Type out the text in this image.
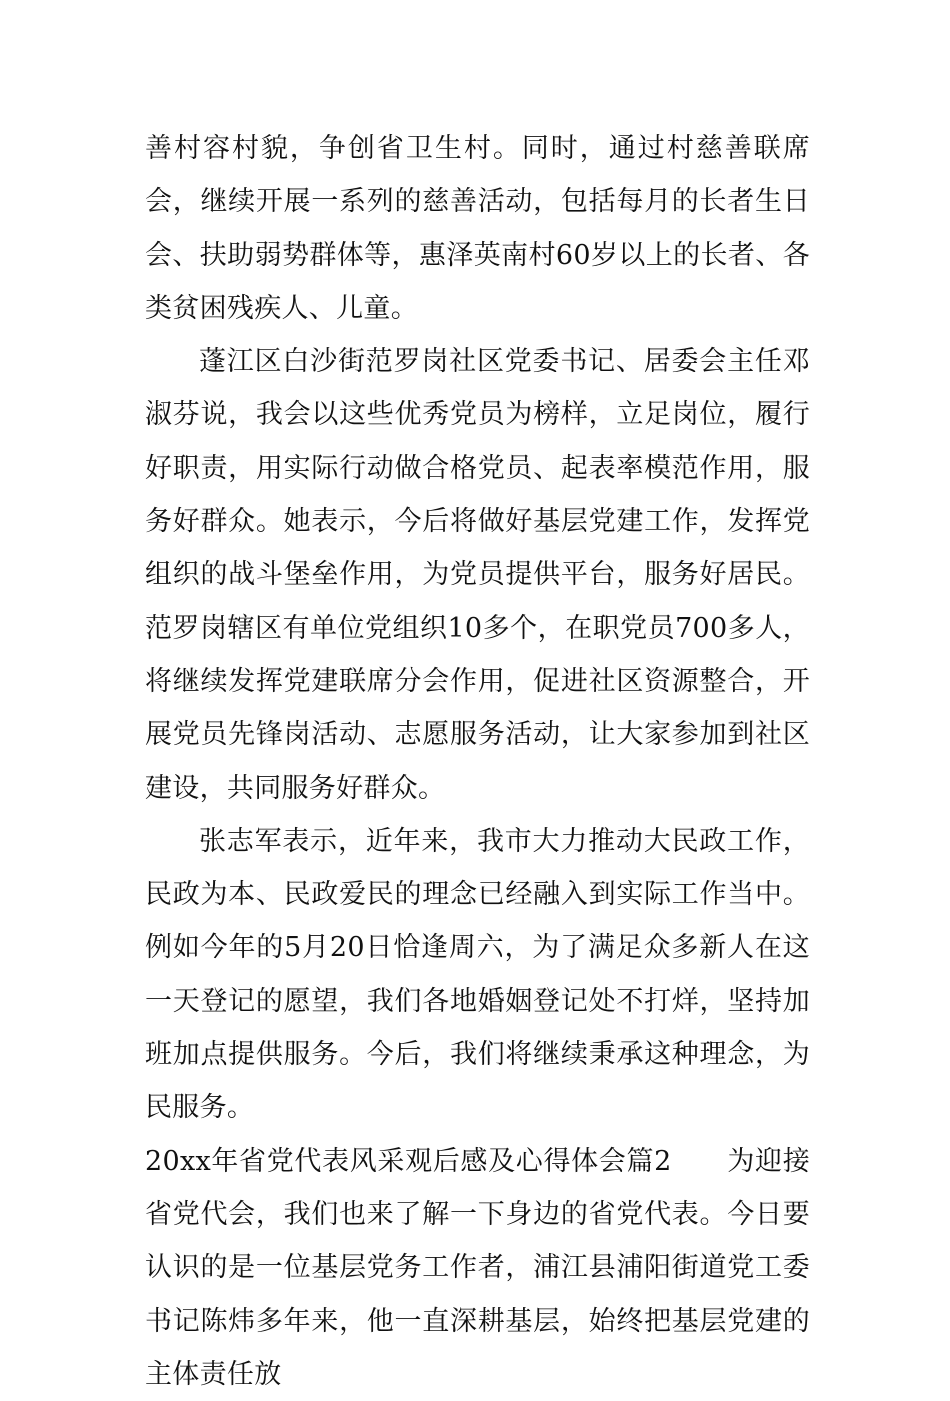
善村容村貌，争创省卫生村。同时，通过村慈善联席会，继续开展一系列的慈善活动，包括每月的长者生日会、扶助弱势群体等，惠泽英南村60岁以上的长者、各类贫困残疾人、儿童。

蓬江区白沙街范罗岗社区党委书记、居委会主任邓淑芬说，我会以这些优秀党员为榜样，立足岗位，履行好职责，用实际行动做合格党员、起表率模范作用，服务好群众。她表示，今后将做好基层党建工作，发挥党组织的战斗堡垒作用，为党员提供平台，服务好居民。范罗岗辖区有单位党组织10多个，在职党员700多人，将继续发挥党建联席分会作用，促进社区资源整合，开展党员先锋岗活动、志愿服务活动，让大家参加到社区建设，共同服务好群众。

张志军表示，近年来，我市大力推动大民政工作，民政为本、民政爱民的理念已经融入到实际工作当中。例如今年的5月20日恰逢周六，为了满足众多新人在这一天登记的愿望，我们各地婚姻登记处不打烊，坚持加班加点提供服务。今后，我们将继续秉承这种理念，为民服务。

20xx年省党代表风采观后感及心得体会篇2　　 为迎接省党代会，我们也来了解一下身边的省党代表。今日要认识的是一位基层党务工作者，浦江县浦阳街道党工委书记陈炜多年来，他一直深耕基层，始终把基层党建的主体责任放
